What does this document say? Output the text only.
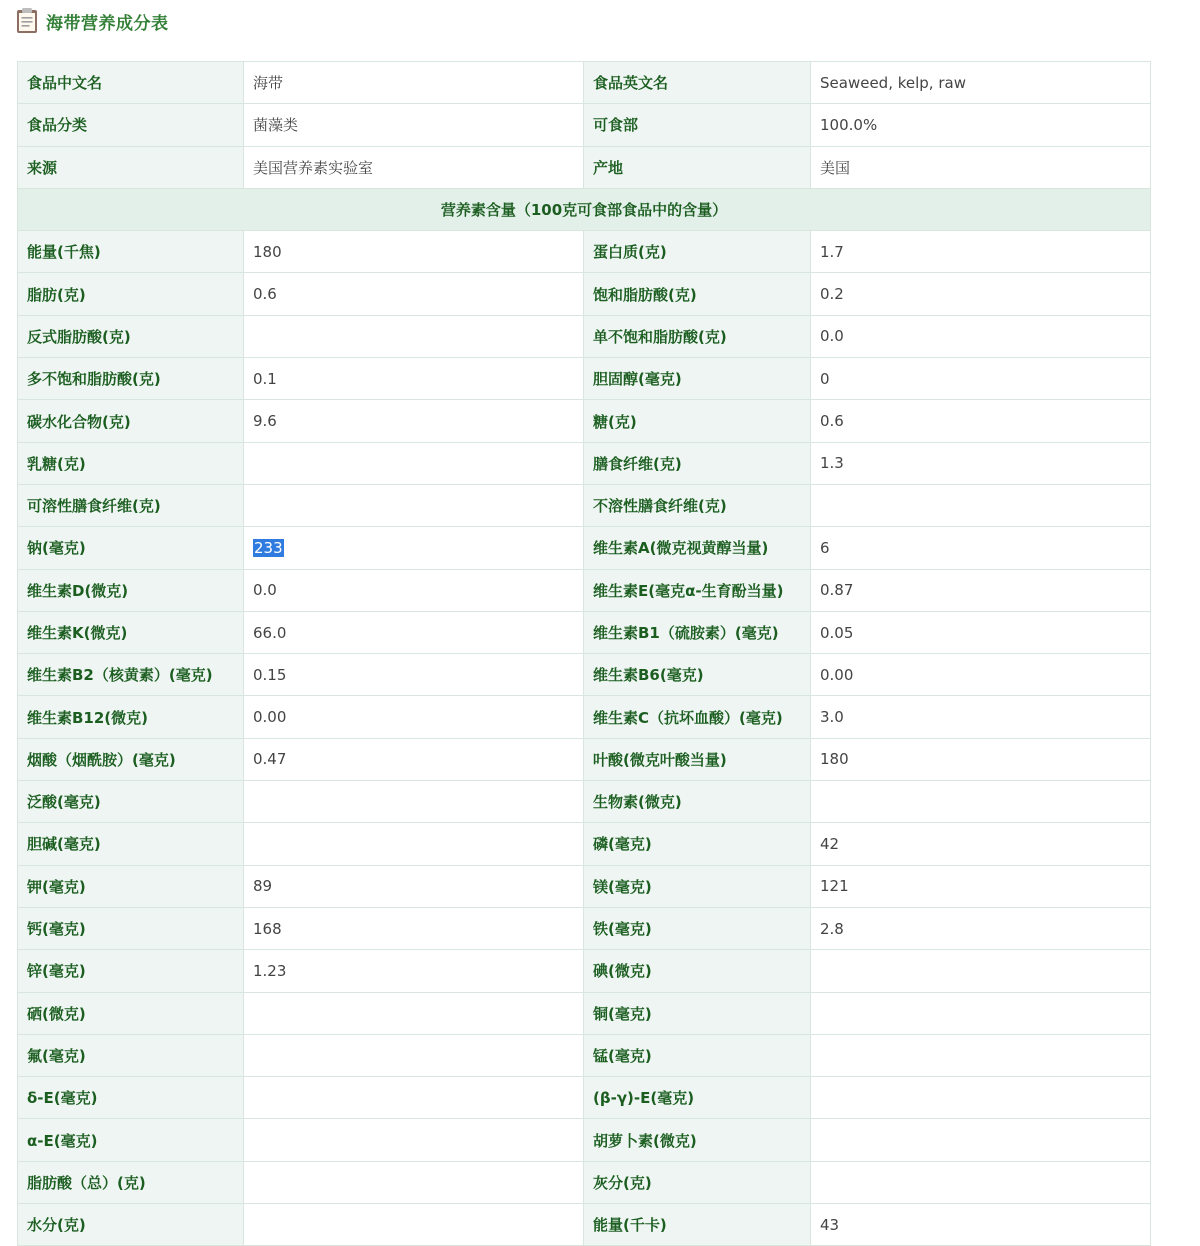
海带营养成分表
食品中文名	海带	食品英文名	Seaweed, kelp, raw
食品分类	菌藻类	可食部	100.0%
来源	美国营养素实验室	产地	美国
营养素含量（100克可食部食品中的含量）			
能量(千焦)	180	蛋白质(克)	1.7
脂肪(克)	0.6	饱和脂肪酸(克)	0.2
反式脂肪酸(克)		单不饱和脂肪酸(克)	0.0
多不饱和脂肪酸(克)	0.1	胆固醇(毫克)	0
碳水化合物(克)	9.6	糖(克)	0.6
乳糖(克)		膳食纤维(克)	1.3
可溶性膳食纤维(克)		不溶性膳食纤维(克)	
钠(毫克)	233	维生素A(微克视黄醇当量)	6
维生素D(微克)	0.0	维生素E(毫克α-生育酚当量)	0.87
维生素K(微克)	66.0	维生素B1（硫胺素）(毫克)	0.05
维生素B2（核黄素）(毫克)	0.15	维生素B6(毫克)	0.00
维生素B12(微克)	0.00	维生素C（抗坏血酸）(毫克)	3.0
烟酸（烟酰胺）(毫克)	0.47	叶酸(微克叶酸当量)	180
泛酸(毫克)		生物素(微克)	
胆碱(毫克)		磷(毫克)	42
钾(毫克)	89	镁(毫克)	121
钙(毫克)	168	铁(毫克)	2.8
锌(毫克)	1.23	碘(微克)	
硒(微克)		铜(毫克)	
氟(毫克)		锰(毫克)	
δ-E(毫克)		(β-γ)-E(毫克)	
α-E(毫克)		胡萝卜素(微克)	
脂肪酸（总）(克)		灰分(克)	
水分(克)		能量(千卡)	43
